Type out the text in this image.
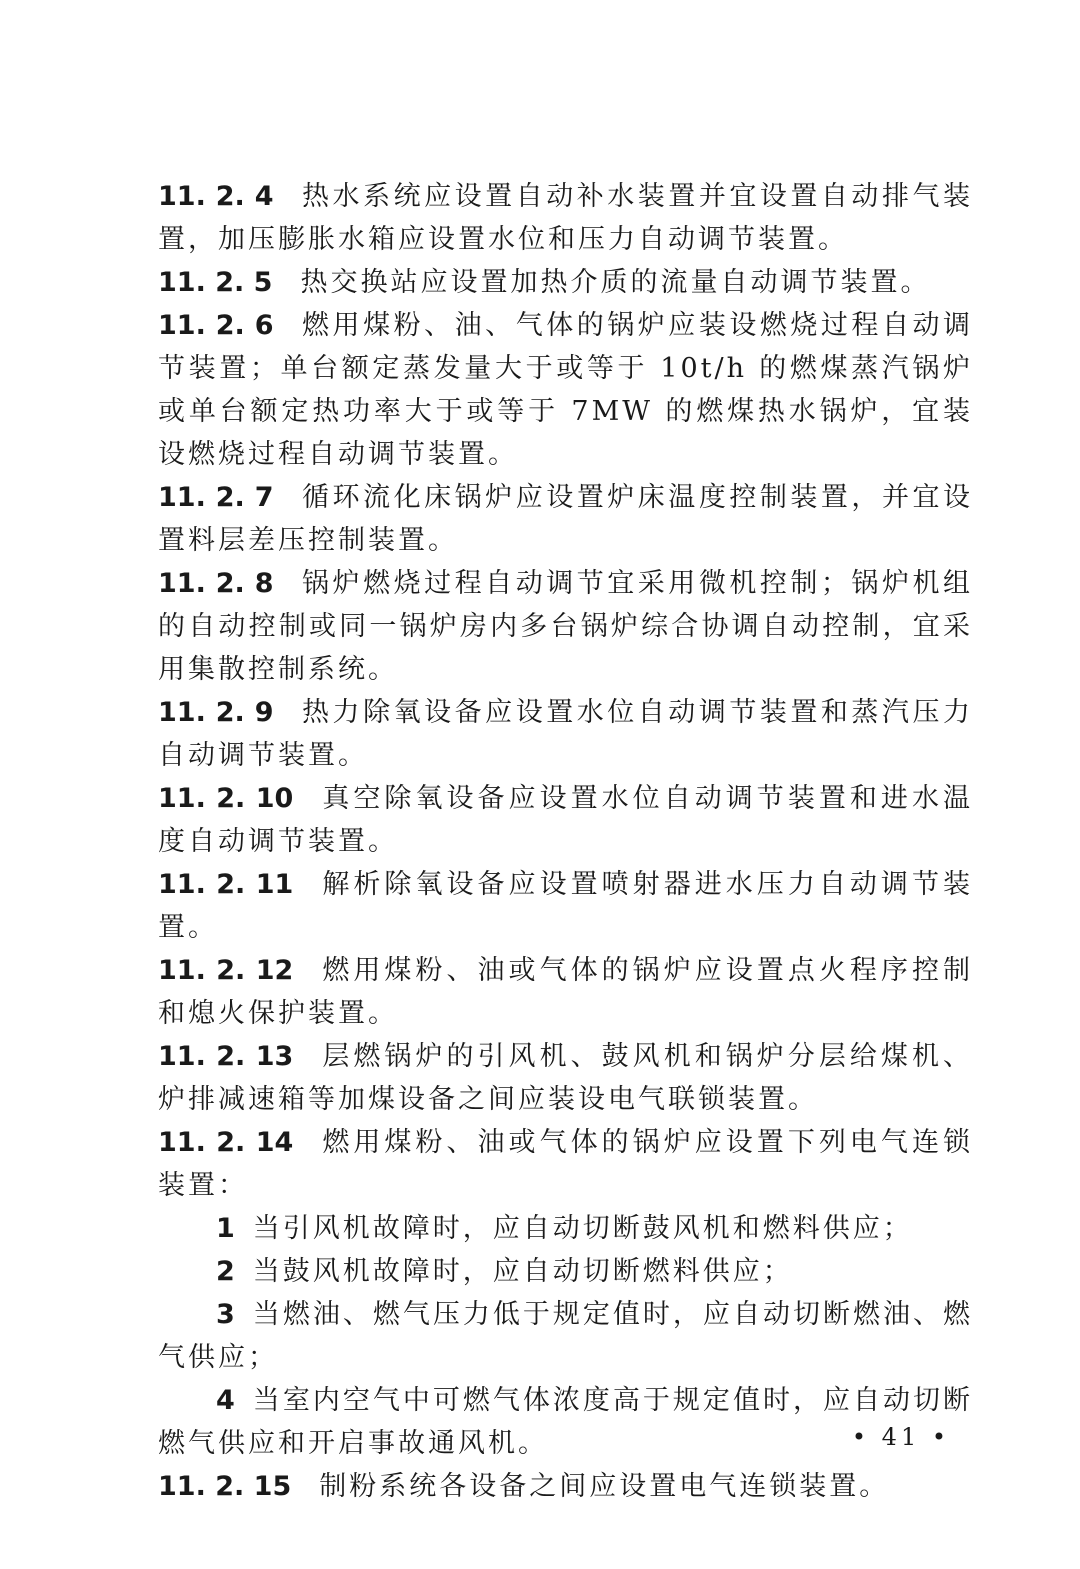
11. 2. 4 热水系统应设置自动补水装置并宜设置自动排气装置，加压膨胀水箱应设置水位和压力自动调节装置。

11. 2. 5 热交换站应设置加热介质的流量自动调节装置。

11. 2. 6 燃用煤粉、油、气体的锅炉应装设燃烧过程自动调节装置；单台额定蒸发量大于或等于 10t/h 的燃煤蒸汽锅炉或单台额定热功率大于或等于 7MW 的燃煤热水锅炉，宜装设燃烧过程自动调节装置。

11. 2. 7 循环流化床锅炉应设置炉床温度控制装置，并宜设置料层差压控制装置。

11. 2. 8 锅炉燃烧过程自动调节宜采用微机控制；锅炉机组的自动控制或同一锅炉房内多台锅炉综合协调自动控制，宜采用集散控制系统。

11. 2. 9 热力除氧设备应设置水位自动调节装置和蒸汽压力自动调节装置。

11. 2. 10 真空除氧设备应设置水位自动调节装置和进水温度自动调节装置。

11. 2. 11 解析除氧设备应设置喷射器进水压力自动调节装置。

11. 2. 12 燃用煤粉、油或气体的锅炉应设置点火程序控制和熄火保护装置。

11. 2. 13 层燃锅炉的引风机、鼓风机和锅炉分层给煤机、炉排减速箱等加煤设备之间应装设电气联锁装置。

11. 2. 14 燃用煤粉、油或气体的锅炉应设置下列电气连锁装置：

1 当引风机故障时，应自动切断鼓风机和燃料供应；

2 当鼓风机故障时，应自动切断燃料供应；

3 当燃油、燃气压力低于规定值时，应自动切断燃油、燃气供应；

4 当室内空气中可燃气体浓度高于规定值时，应自动切断燃气供应和开启事故通风机。

11. 2. 15 制粉系统各设备之间应设置电气连锁装置。

• 41 •
